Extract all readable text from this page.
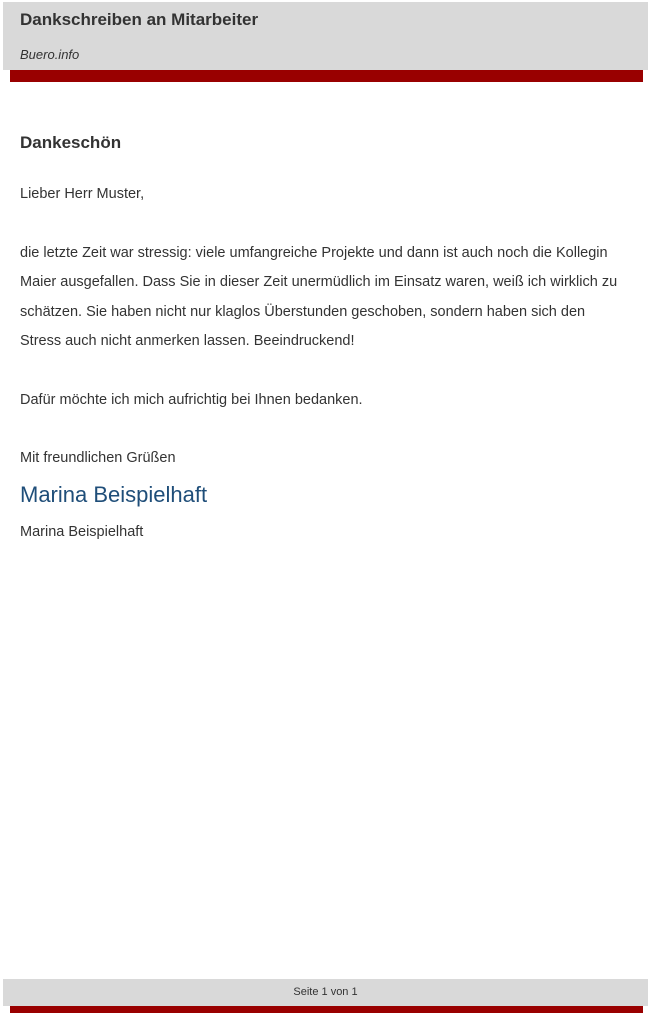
Dankschreiben an Mitarbeiter
Buero.info

Dankeschön

Lieber Herr Muster,

die letzte Zeit war stressig: viele umfangreiche Projekte und dann ist auch noch die Kollegin Maier ausgefallen. Dass Sie in dieser Zeit unermüdlich im Einsatz waren, weiß ich wirklich zu schätzen. Sie haben nicht nur klaglos Überstunden geschoben, sondern haben sich den Stress auch nicht anmerken lassen. Beeindruckend!

Dafür möchte ich mich aufrichtig bei Ihnen bedanken.

Mit freundlichen Grüßen

Marina Beispielhaft

Marina Beispielhaft

Seite 1 von 1
